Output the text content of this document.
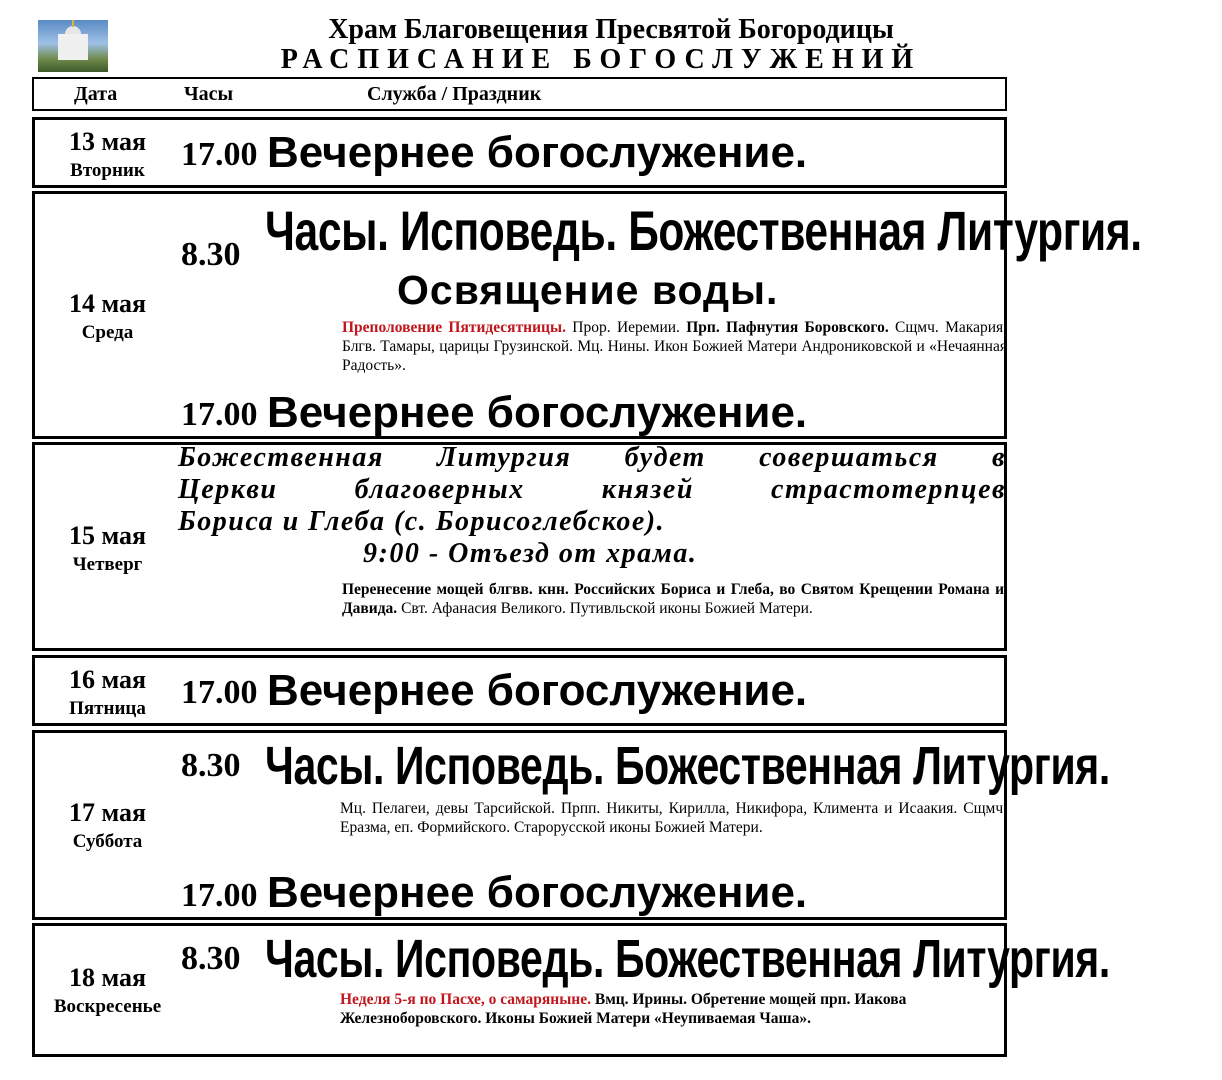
Храм Благовещения Пресвятой Богородицы
РАСПИСАНИЕ БОГОСЛУЖЕНИЙ
Дата	Часы	Служба / Праздник
13 мая
Вторник	17.00 Вечернее богослужение.
14 мая
Среда
8.30 Часы. Исповедь. Божественная Литургия.
Освящение воды.
Преполовение Пятидесятницы. Прор. Иеремии. Прп. Пафнутия Боровского. Сщмч. Макария. Блгв. Тамары, царицы Грузинской. Мц. Нины. Икон Божией Матери Андрониковской и «Нечаянная Радость».
17.00 Вечернее богослужение.
15 мая
Четверг
Божественная Литургия будет совершаться в
Церкви благоверных князей страстотерпцев
Бориса и Глеба (с. Борисоглебское).
9:00 - Отъезд от храма.
Перенесение мощей блгвв. кнн. Российских Бориса и Глеба, во Святом Крещении Романа и Давида. Свт. Афанасия Великого. Путивльской иконы Божией Матери.
16 мая
Пятница	17.00 Вечернее богослужение.
17 мая
Суббота
8.30 Часы. Исповедь. Божественная Литургия.
Мц. Пелагеи, девы Тарсийской. Прпп. Никиты, Кирилла, Никифора, Климента и Исаакия. Сщмч. Еразма, еп. Формийского. Старорусской иконы Божией Матери.
17.00 Вечернее богослужение.
18 мая
Воскресенье
8.30 Часы. Исповедь. Божественная Литургия.
Неделя 5-я по Пасхе, о самаряныне. Вмц. Ирины. Обретение мощей прп. Иакова Железноборовского. Иконы Божией Матери «Неупиваемая Чаша».
